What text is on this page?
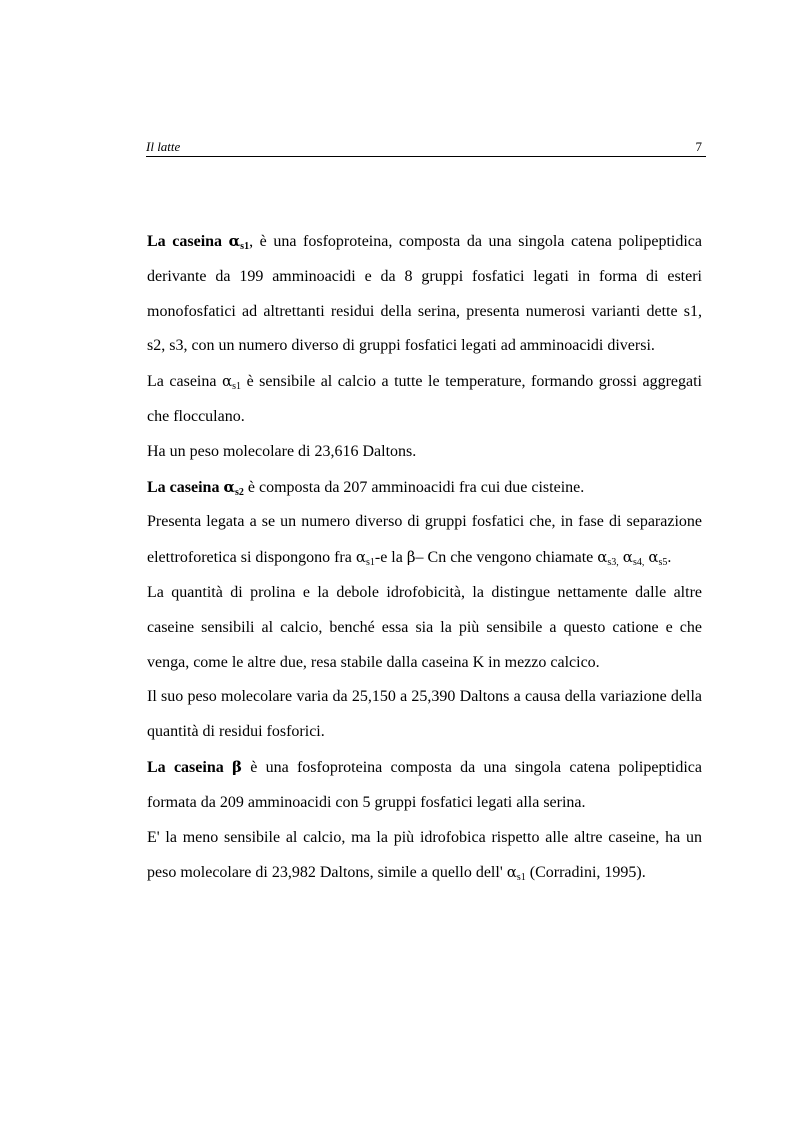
Il latte	7

La caseina $\alpha_{s1}$, è una fosfoproteina, composta da una singola catena polipeptidica derivante da 199 amminoacidi e da 8 gruppi fosfatici legati in forma di esteri monofosfatici ad altrettanti residui della serina, presenta numerosi varianti dette s1, s2, s3, con un numero diverso di gruppi fosfatici legati ad amminoacidi diversi.

La caseina $\alpha_{s1}$ è sensibile al calcio a tutte le temperature, formando grossi aggregati che flocculano.

Ha un peso molecolare di 23,616 Daltons.

La caseina $\alpha_{s2}$ è composta da 207 amminoacidi fra cui due cisteine.

Presenta legata a se un numero diverso di gruppi fosfatici che, in fase di separazione elettroforetica si dispongono fra $\alpha_{s1}-e$ la β– Cn che vengono chiamate $\alpha_{s3,}$ $\alpha_{s4,}$ $\alpha_{s5}$.

La quantità di prolina e la debole idrofobicità, la distingue nettamente dalle altre caseine sensibili al calcio, benché essa sia la più sensibile a questo catione e che venga, come le altre due, resa stabile dalla caseina K in mezzo calcico.

Il suo peso molecolare varia da 25,150 a 25,390 Daltons a causa della variazione della quantità di residui fosforici.

La caseina β è una fosfoproteina composta da una singola catena polipeptidica formata da 209 amminoacidi con 5 gruppi fosfatici legati alla serina.

E' la meno sensibile al calcio, ma la più idrofobica rispetto alle altre caseine, ha un peso molecolare di 23,982 Daltons, simile a quello dell' $\alpha_{s1}$ (Corradini, 1995).
